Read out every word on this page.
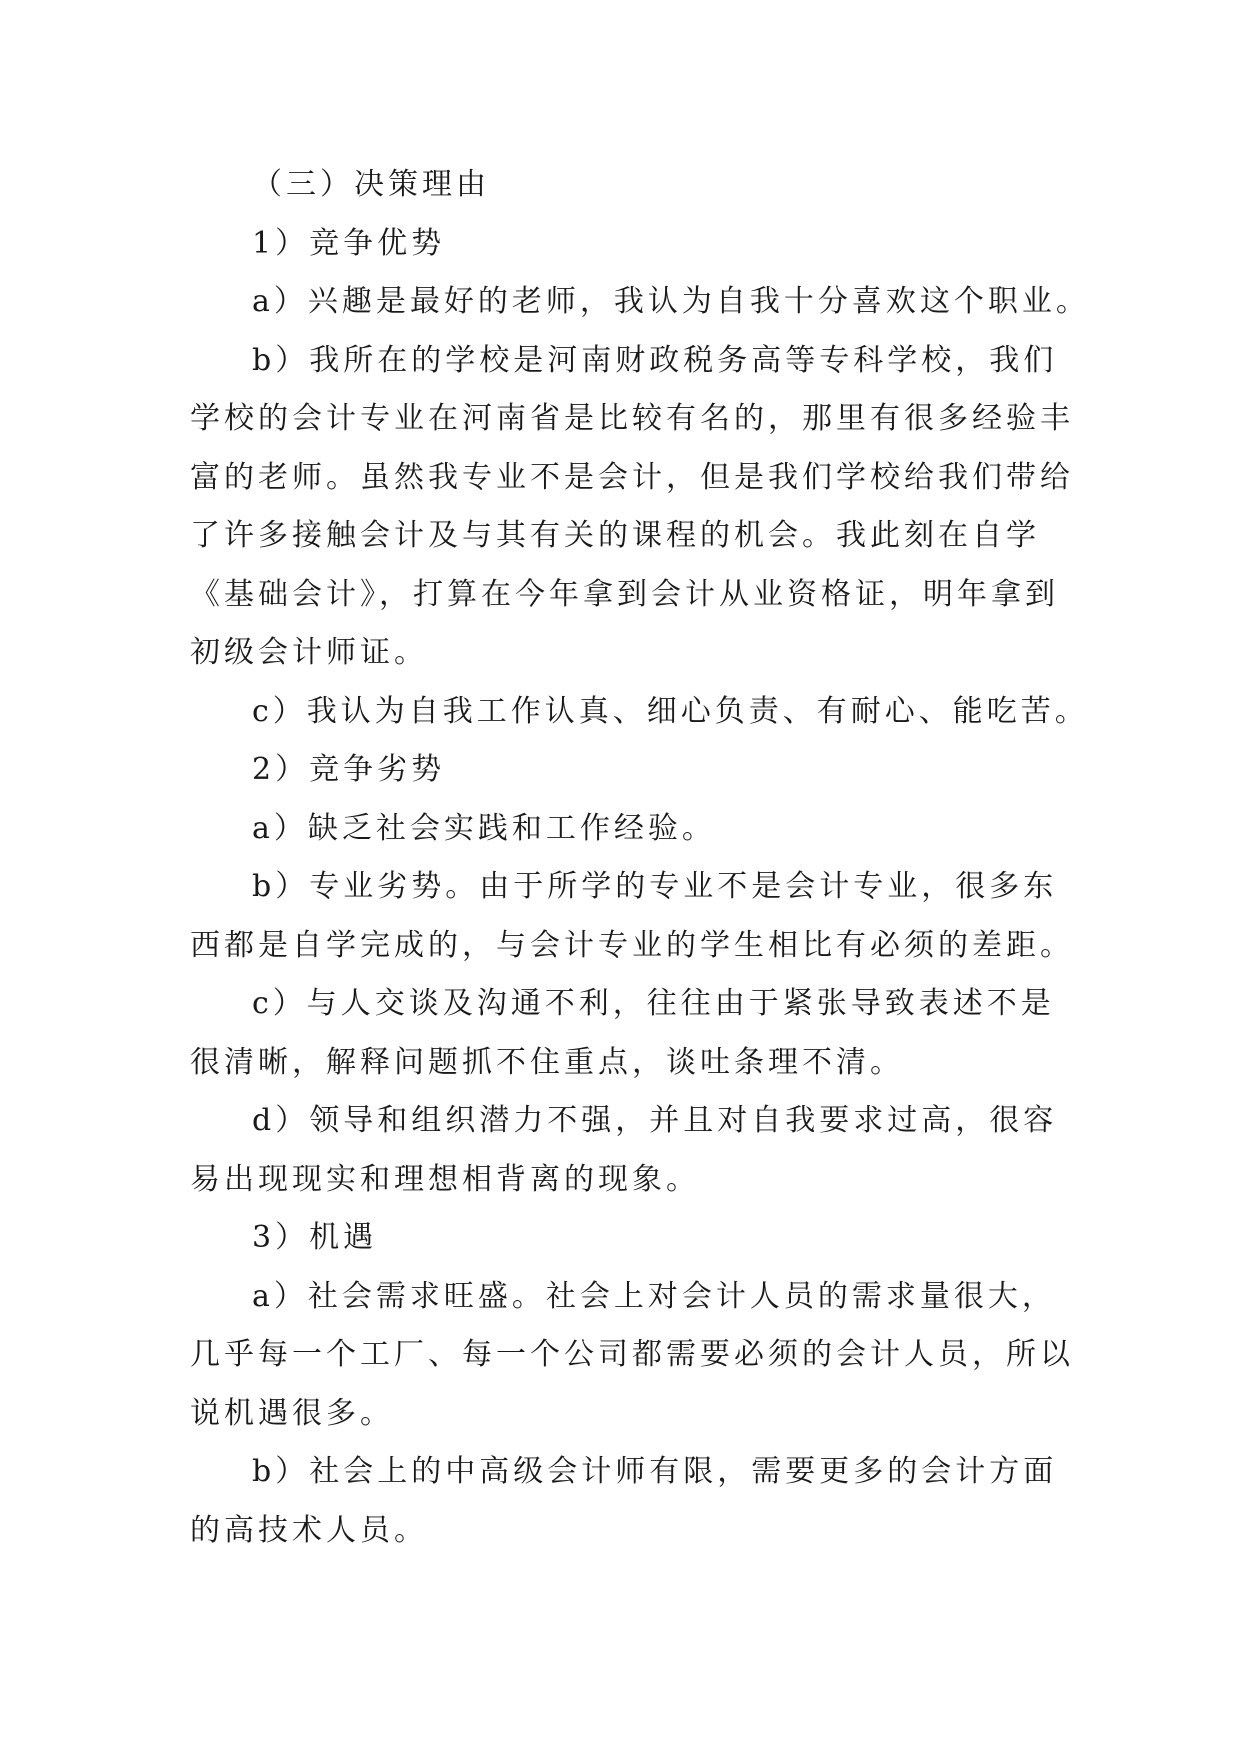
（三）决策理由
1）竞争优势
a）兴趣是最好的老师，我认为自我十分喜欢这个职业。
b）我所在的学校是河南财政税务高等专科学校，我们
学校的会计专业在河南省是比较有名的，那里有很多经验丰
富的老师。虽然我专业不是会计，但是我们学校给我们带给
了许多接触会计及与其有关的课程的机会。我此刻在自学
《基础会计》，打算在今年拿到会计从业资格证，明年拿到
初级会计师证。
c）我认为自我工作认真、细心负责、有耐心、能吃苦。
2）竞争劣势
a）缺乏社会实践和工作经验。
b）专业劣势。由于所学的专业不是会计专业，很多东
西都是自学完成的，与会计专业的学生相比有必须的差距。
c）与人交谈及沟通不利，往往由于紧张导致表述不是
很清晰，解释问题抓不住重点，谈吐条理不清。
d）领导和组织潜力不强，并且对自我要求过高，很容
易出现现实和理想相背离的现象。
3）机遇
a）社会需求旺盛。社会上对会计人员的需求量很大，
几乎每一个工厂、每一个公司都需要必须的会计人员，所以
说机遇很多。
b）社会上的中高级会计师有限，需要更多的会计方面
的高技术人员。
